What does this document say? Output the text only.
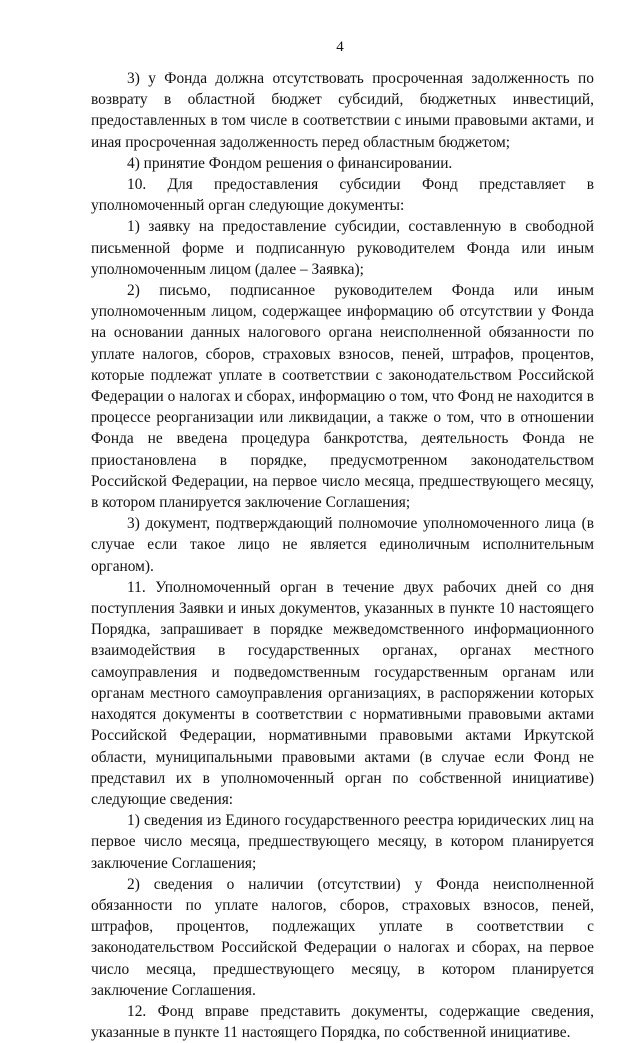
4

3) у Фонда должна отсутствовать просроченная задолженность по возврату в областной бюджет субсидий, бюджетных инвестиций, предоставленных в том числе в соответствии с иными правовыми актами, и иная просроченная задолженность перед областным бюджетом;

4) принятие Фондом решения о финансировании.

10. Для предоставления субсидии Фонд представляет в уполномоченный орган следующие документы:

1) заявку на предоставление субсидии, составленную в свободной письменной форме и подписанную руководителем Фонда или иным уполномоченным лицом (далее – Заявка);

2) письмо, подписанное руководителем Фонда или иным уполномоченным лицом, содержащее информацию об отсутствии у Фонда на основании данных налогового органа неисполненной обязанности по уплате налогов, сборов, страховых взносов, пеней, штрафов, процентов, которые подлежат уплате в соответствии с законодательством Российской Федерации о налогах и сборах, информацию о том, что Фонд не находится в процессе реорганизации или ликвидации, а также о том, что в отношении Фонда не введена процедура банкротства, деятельность Фонда не приостановлена в порядке, предусмотренном законодательством Российской Федерации, на первое число месяца, предшествующего месяцу, в котором планируется заключение Соглашения;

3) документ, подтверждающий полномочие уполномоченного лица (в случае если такое лицо не является единоличным исполнительным органом).

11. Уполномоченный орган в течение двух рабочих дней со дня поступления Заявки и иных документов, указанных в пункте 10 настоящего Порядка, запрашивает в порядке межведомственного информационного взаимодействия в государственных органах, органах местного самоуправления и подведомственным государственным органам или органам местного самоуправления организациях, в распоряжении которых находятся документы в соответствии с нормативными правовыми актами Российской Федерации, нормативными правовыми актами Иркутской области, муниципальными правовыми актами (в случае если Фонд не представил их в уполномоченный орган по собственной инициативе) следующие сведения:

1) сведения из Единого государственного реестра юридических лиц на первое число месяца, предшествующего месяцу, в котором планируется заключение Соглашения;

2) сведения о наличии (отсутствии) у Фонда неисполненной обязанности по уплате налогов, сборов, страховых взносов, пеней, штрафов, процентов, подлежащих уплате в соответствии с законодательством Российской Федерации о налогах и сборах, на первое число месяца, предшествующего месяцу, в котором планируется заключение Соглашения.

12. Фонд вправе представить документы, содержащие сведения, указанные в пункте 11 настоящего Порядка, по собственной инициативе.
